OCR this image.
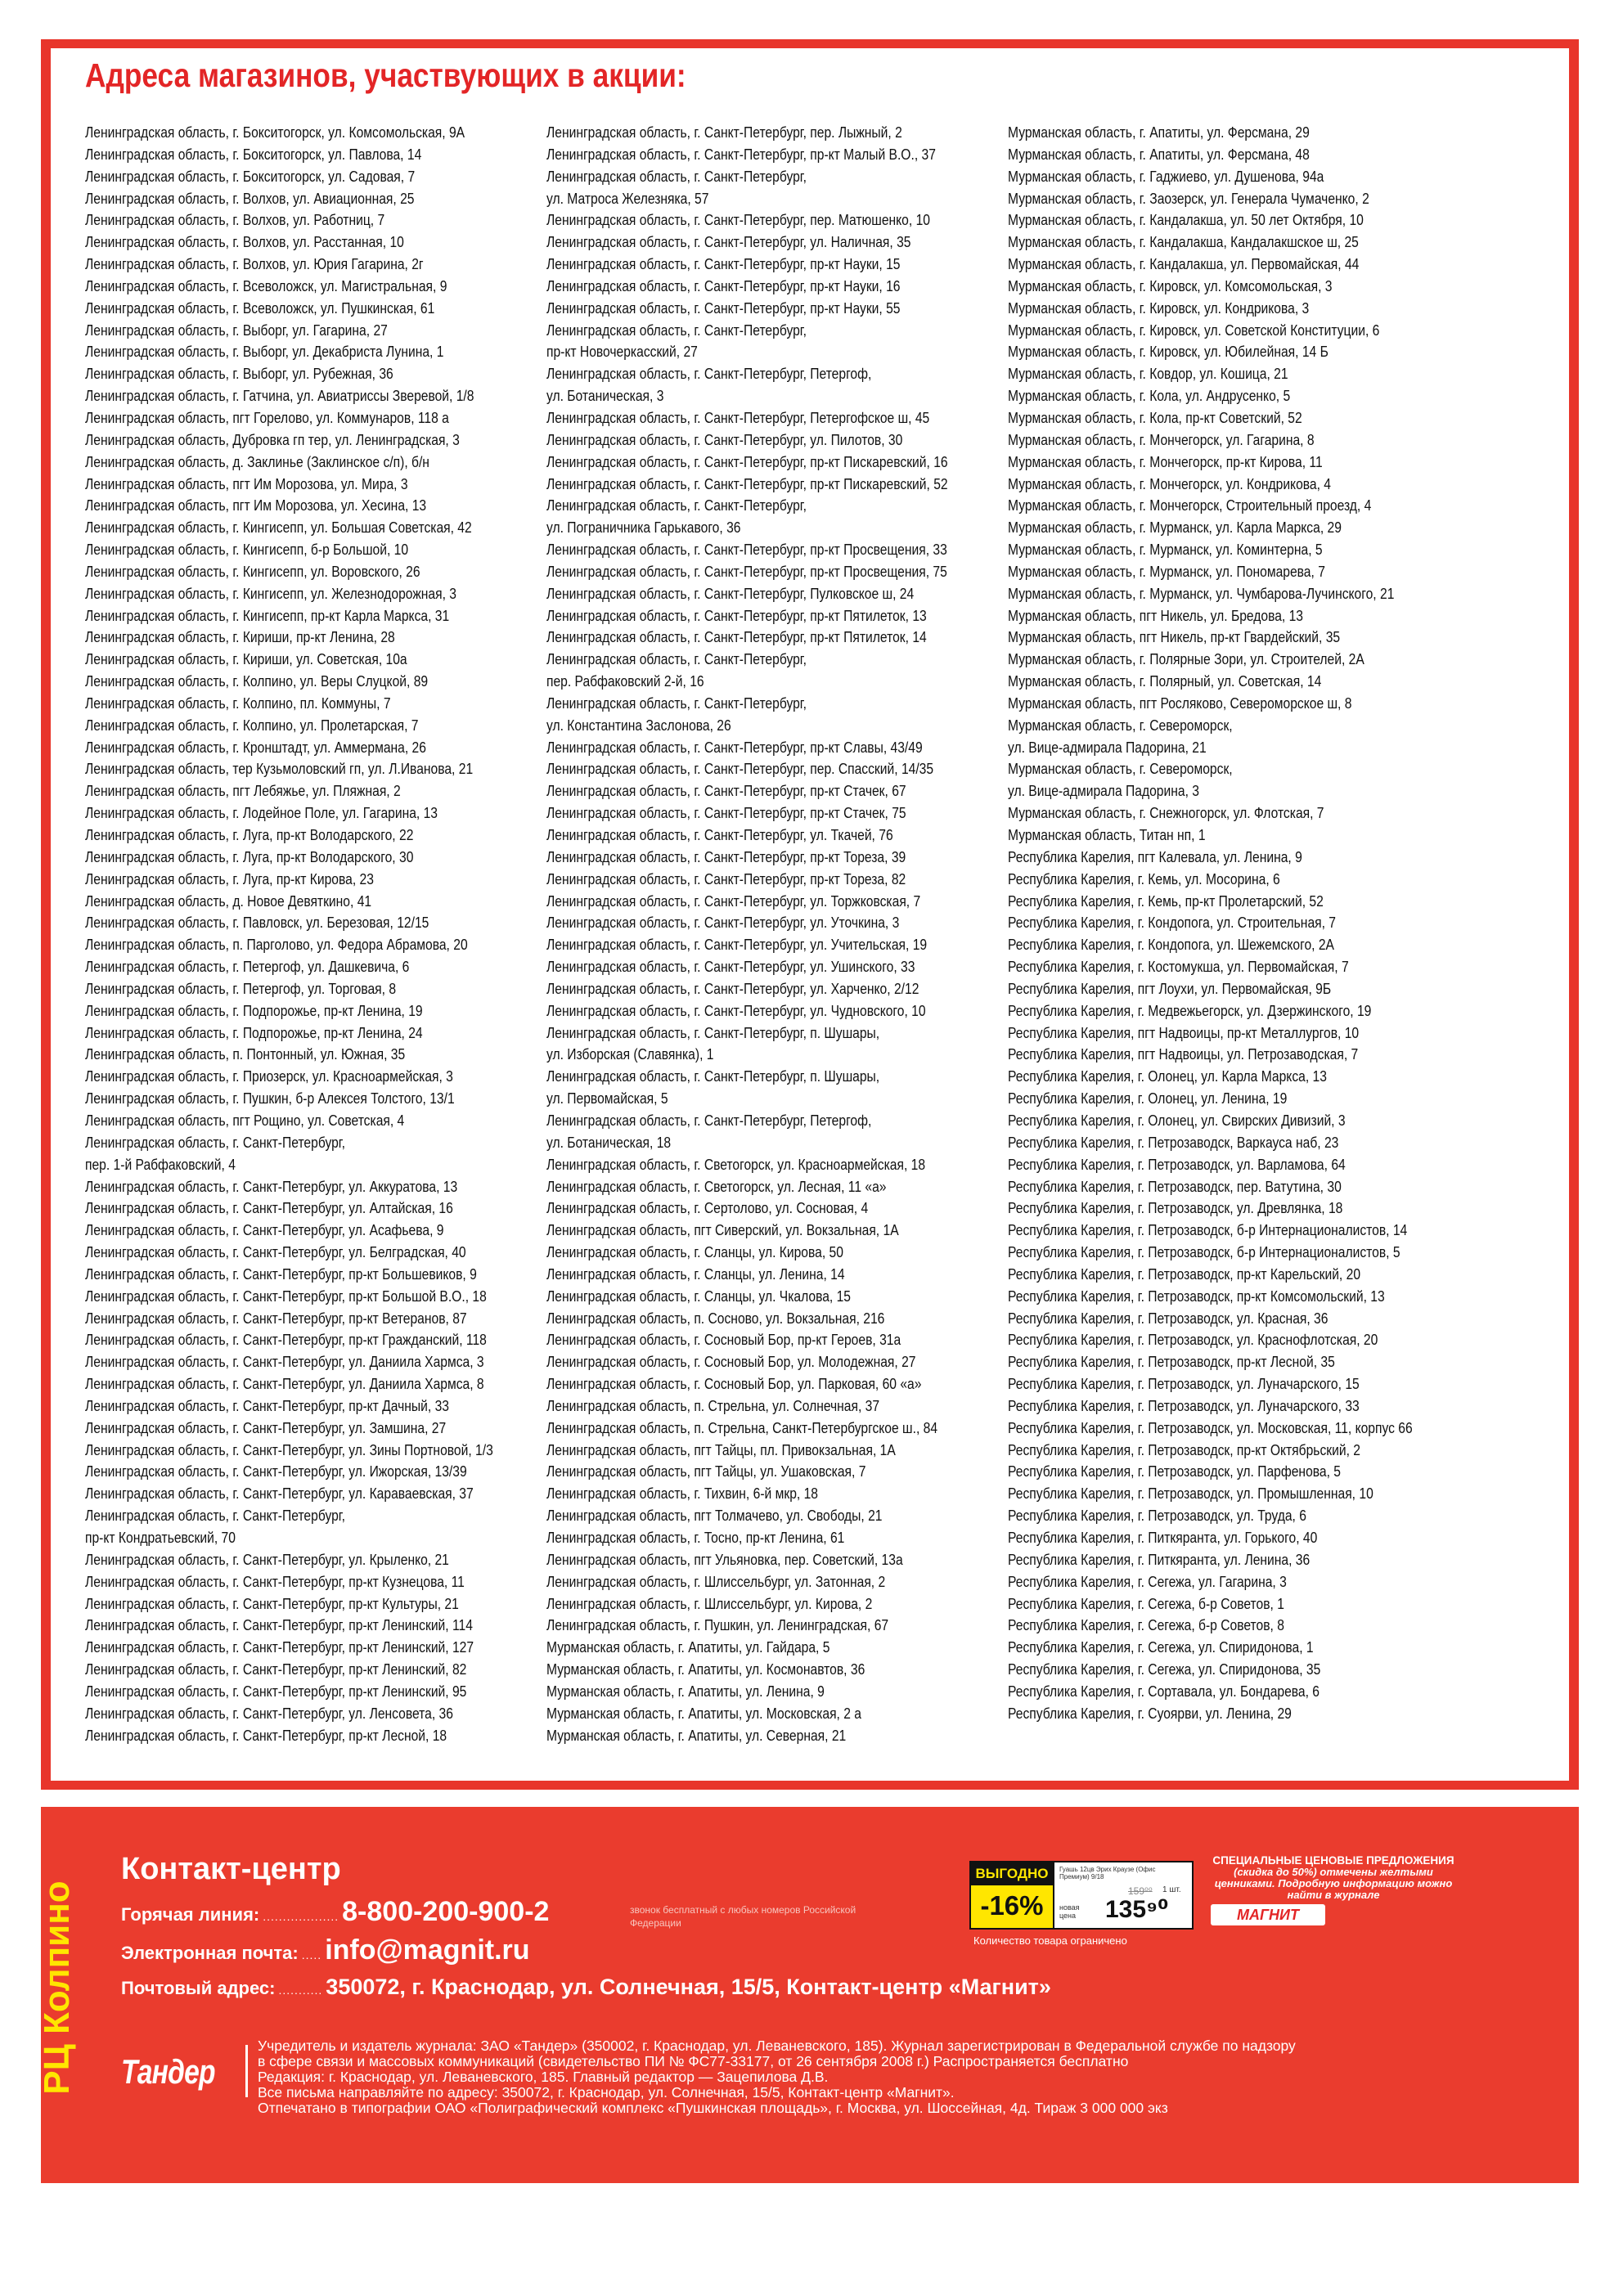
Адреса магазинов, участвующих в акции:
Ленинградская область, г. Бокситогорск, ул. Комсомольская, 9А
Ленинградская область, г. Бокситогорск, ул. Павлова, 14
Ленинградская область, г. Бокситогорск, ул. Садовая, 7
Ленинградская область, г. Волхов, ул. Авиационная, 25
Ленинградская область, г. Волхов, ул. Работниц, 7
Ленинградская область, г. Волхов, ул. Расстанная, 10
Ленинградская область, г. Волхов, ул. Юрия Гагарина, 2г
Ленинградская область, г. Всеволожск, ул. Магистральная, 9
Ленинградская область, г. Всеволожск, ул. Пушкинская, 61
Ленинградская область, г. Выборг, ул. Гагарина, 27
Ленинградская область, г. Выборг, ул. Декабриста Лунина, 1
Ленинградская область, г. Выборг, ул. Рубежная, 36
Ленинградская область, г. Гатчина, ул. Авиатриссы Зверевой, 1/8
Ленинградская область, пгт Горелово, ул. Коммунаров, 118 а
Ленинградская область, Дубровка гп тер, ул. Ленинградская, 3
Ленинградская область, д. Заклинье (Заклинское с/п), б/н
Ленинградская область, пгт Им Морозова, ул. Мира, 3
Ленинградская область, пгт Им Морозова, ул. Хесина, 13
Ленинградская область, г. Кингисепп, ул. Большая Советская, 42
Ленинградская область, г. Кингисепп, б-р Большой, 10
Ленинградская область, г. Кингисепп, ул. Воровского, 26
Ленинградская область, г. Кингисепп, ул. Железнодорожная, 3
Ленинградская область, г. Кингисепп, пр-кт Карла Маркса, 31
Ленинградская область, г. Кириши, пр-кт Ленина, 28
Ленинградская область, г. Кириши, ул. Советская, 10а
Ленинградская область, г. Колпино, ул. Веры Слуцкой, 89
Ленинградская область, г. Колпино, пл. Коммуны, 7
Ленинградская область, г. Колпино, ул. Пролетарская, 7
Ленинградская область, г. Кронштадт, ул. Аммермана, 26
Ленинградская область, тер Кузьмоловский гп, ул. Л.Иванова, 21
Ленинградская область, пгт Лебяжье, ул. Пляжная, 2
Ленинградская область, г. Лодейное Поле, ул. Гагарина, 13
Ленинградская область, г. Луга, пр-кт Володарского, 22
Ленинградская область, г. Луга, пр-кт Володарского, 30
Ленинградская область, г. Луга, пр-кт Кирова, 23
Ленинградская область, д. Новое Девяткино, 41
Ленинградская область, г. Павловск, ул. Березовая, 12/15
Ленинградская область, п. Парголово, ул. Федора Абрамова, 20
Ленинградская область, г. Петергоф, ул. Дашкевича, 6
Ленинградская область, г. Петергоф, ул. Торговая, 8
Ленинградская область, г. Подпорожье, пр-кт Ленина, 19
Ленинградская область, г. Подпорожье, пр-кт Ленина, 24
Ленинградская область, п. Понтонный, ул. Южная, 35
Ленинградская область, г. Приозерск, ул. Красноармейская, 3
Ленинградская область, г. Пушкин, б-р Алексея Толстого, 13/1
Ленинградская область, пгт Рощино, ул. Советская, 4
Ленинградская область, г. Санкт-Петербург,
пер. 1-й Рабфаковский, 4
Ленинградская область, г. Санкт-Петербург, ул. Аккуратова, 13
Ленинградская область, г. Санкт-Петербург, ул. Алтайская, 16
Ленинградская область, г. Санкт-Петербург, ул. Асафьева, 9
Ленинградская область, г. Санкт-Петербург, ул. Белградская, 40
Ленинградская область, г. Санкт-Петербург, пр-кт Большевиков, 9
Ленинградская область, г. Санкт-Петербург, пр-кт Большой В.О., 18
Ленинградская область, г. Санкт-Петербург, пр-кт Ветеранов, 87
Ленинградская область, г. Санкт-Петербург, пр-кт Гражданский, 118
Ленинградская область, г. Санкт-Петербург, ул. Даниила Хармса, 3
Ленинградская область, г. Санкт-Петербург, ул. Даниила Хармса, 8
Ленинградская область, г. Санкт-Петербург, пр-кт Дачный, 33
Ленинградская область, г. Санкт-Петербург, ул. Замшина, 27
Ленинградская область, г. Санкт-Петербург, ул. Зины Портновой, 1/3
Ленинградская область, г. Санкт-Петербург, ул. Ижорская, 13/39
Ленинградская область, г. Санкт-Петербург, ул. Караваевская, 37
Ленинградская область, г. Санкт-Петербург,
пр-кт Кондратьевский, 70
Ленинградская область, г. Санкт-Петербург, ул. Крыленко, 21
Ленинградская область, г. Санкт-Петербург, пр-кт Кузнецова, 11
Ленинградская область, г. Санкт-Петербург, пр-кт Культуры, 21
Ленинградская область, г. Санкт-Петербург, пр-кт Ленинский, 114
Ленинградская область, г. Санкт-Петербург, пр-кт Ленинский, 127
Ленинградская область, г. Санкт-Петербург, пр-кт Ленинский, 82
Ленинградская область, г. Санкт-Петербург, пр-кт Ленинский, 95
Ленинградская область, г. Санкт-Петербург, ул. Ленсовета, 36
Ленинградская область, г. Санкт-Петербург, пр-кт Лесной, 18
Ленинградская область, г. Санкт-Петербург, пер. Лыжный, 2
Ленинградская область, г. Санкт-Петербург, пр-кт Малый В.О., 37
Ленинградская область, г. Санкт-Петербург,
ул. Матроса Железняка, 57
Ленинградская область, г. Санкт-Петербург, пер. Матюшенко, 10
Ленинградская область, г. Санкт-Петербург, ул. Наличная, 35
Ленинградская область, г. Санкт-Петербург, пр-кт Науки, 15
Ленинградская область, г. Санкт-Петербург, пр-кт Науки, 16
Ленинградская область, г. Санкт-Петербург, пр-кт Науки, 55
Ленинградская область, г. Санкт-Петербург,
пр-кт Новочеркасский, 27
Ленинградская область, г. Санкт-Петербург, Петергоф,
ул. Ботаническая, 3
Ленинградская область, г. Санкт-Петербург, Петергофское ш, 45
Ленинградская область, г. Санкт-Петербург, ул. Пилотов, 30
Ленинградская область, г. Санкт-Петербург, пр-кт Пискаревский, 16
Ленинградская область, г. Санкт-Петербург, пр-кт Пискаревский, 52
Ленинградская область, г. Санкт-Петербург,
ул. Пограничника Гарькавого, 36
Ленинградская область, г. Санкт-Петербург, пр-кт Просвещения, 33
Ленинградская область, г. Санкт-Петербург, пр-кт Просвещения, 75
Ленинградская область, г. Санкт-Петербург, Пулковское ш, 24
Ленинградская область, г. Санкт-Петербург, пр-кт Пятилеток, 13
Ленинградская область, г. Санкт-Петербург, пр-кт Пятилеток, 14
Ленинградская область, г. Санкт-Петербург,
пер. Рабфаковский 2-й, 16
Ленинградская область, г. Санкт-Петербург,
ул. Константина Заслонова, 26
Ленинградская область, г. Санкт-Петербург, пр-кт Славы, 43/49
Ленинградская область, г. Санкт-Петербург, пер. Спасский, 14/35
Ленинградская область, г. Санкт-Петербург, пр-кт Стачек, 67
Ленинградская область, г. Санкт-Петербург, пр-кт Стачек, 75
Ленинградская область, г. Санкт-Петербург, ул. Ткачей, 76
Ленинградская область, г. Санкт-Петербург, пр-кт Тореза, 39
Ленинградская область, г. Санкт-Петербург, пр-кт Тореза, 82
Ленинградская область, г. Санкт-Петербург, ул. Торжковская, 7
Ленинградская область, г. Санкт-Петербург, ул. Уточкина, 3
Ленинградская область, г. Санкт-Петербург, ул. Учительская, 19
Ленинградская область, г. Санкт-Петербург, ул. Ушинского, 33
Ленинградская область, г. Санкт-Петербург, ул. Харченко, 2/12
Ленинградская область, г. Санкт-Петербург, ул. Чудновского, 10
Ленинградская область, г. Санкт-Петербург, п. Шушары,
ул. Изборская (Славянка), 1
Ленинградская область, г. Санкт-Петербург, п. Шушары,
ул. Первомайская, 5
Ленинградская область, г. Санкт-Петербург, Петергоф,
ул. Ботаническая, 18
Ленинградская область, г. Светогорск, ул. Красноармейская, 18
Ленинградская область, г. Светогорск, ул. Лесная, 11 «а»
Ленинградская область, г. Сертолово, ул. Сосновая, 4
Ленинградская область, пгт Сиверский, ул. Вокзальная, 1А
Ленинградская область, г. Сланцы, ул. Кирова, 50
Ленинградская область, г. Сланцы, ул. Ленина, 14
Ленинградская область, г. Сланцы, ул. Чкалова, 15
Ленинградская область, п. Сосново, ул. Вокзальная, 216
Ленинградская область, г. Сосновый Бор, пр-кт Героев, 31а
Ленинградская область, г. Сосновый Бор, ул. Молодежная, 27
Ленинградская область, г. Сосновый Бор, ул. Парковая, 60 «а»
Ленинградская область, п. Стрельна, ул. Солнечная, 37
Ленинградская область, п. Стрельна, Санкт-Петербургское ш., 84
Ленинградская область, пгт Тайцы, пл. Привокзальная, 1А
Ленинградская область, пгт Тайцы, ул. Ушаковская, 7
Ленинградская область, г. Тихвин, 6-й мкр, 18
Ленинградская область, пгт Толмачево, ул. Свободы, 21
Ленинградская область, г. Тосно, пр-кт Ленина, 61
Ленинградская область, пгт Ульяновка, пер. Советский, 13а
Ленинградская область, г. Шлиссельбург, ул. Затонная, 2
Ленинградская область, г. Шлиссельбург, ул. Кирова, 2
Ленинградская область, г. Пушкин, ул. Ленинградская, 67
Мурманская область, г. Апатиты, ул. Гайдара, 5
Мурманская область, г. Апатиты, ул. Космонавтов, 36
Мурманская область, г. Апатиты, ул. Ленина, 9
Мурманская область, г. Апатиты, ул. Московская, 2 а
Мурманская область, г. Апатиты, ул. Северная, 21
Мурманская область, г. Апатиты, ул. Ферсмана, 29
Мурманская область, г. Апатиты, ул. Ферсмана, 48
Мурманская область, г. Гаджиево, ул. Душенова, 94а
Мурманская область, г. Заозерск, ул. Генерала Чумаченко, 2
Мурманская область, г. Кандалакша, ул. 50 лет Октября, 10
Мурманская область, г. Кандалакша, Кандалакшское ш, 25
Мурманская область, г. Кандалакша, ул. Первомайская, 44
Мурманская область, г. Кировск, ул. Комсомольская, 3
Мурманская область, г. Кировск, ул. Кондрикова, 3
Мурманская область, г. Кировск, ул. Советской Конституции, 6
Мурманская область, г. Кировск, ул. Юбилейная, 14 Б
Мурманская область, г. Ковдор, ул. Кошица, 21
Мурманская область, г. Кола, ул. Андрусенко, 5
Мурманская область, г. Кола, пр-кт Советский, 52
Мурманская область, г. Мончегорск, ул. Гагарина, 8
Мурманская область, г. Мончегорск, пр-кт Кирова, 11
Мурманская область, г. Мончегорск, ул. Кондрикова, 4
Мурманская область, г. Мончегорск, Строительный проезд, 4
Мурманская область, г. Мурманск, ул. Карла Маркса, 29
Мурманская область, г. Мурманск, ул. Коминтерна, 5
Мурманская область, г. Мурманск, ул. Пономарева, 7
Мурманская область, г. Мурманск, ул. Чумбарова-Лучинского, 21
Мурманская область, пгт Никель, ул. Бредова, 13
Мурманская область, пгт Никель, пр-кт Гвардейский, 35
Мурманская область, г. Полярные Зори, ул. Строителей, 2А
Мурманская область, г. Полярный, ул. Советская, 14
Мурманская область, пгт Росляково, Североморское ш, 8
Мурманская область, г. Североморск,
ул. Вице-адмирала Падорина, 21
Мурманская область, г. Североморск,
ул. Вице-адмирала Падорина, 3
Мурманская область, г. Снежногорск, ул. Флотская, 7
Мурманская область, Титан нп, 1
Республика Карелия, пгт Калевала, ул. Ленина, 9
Республика Карелия, г. Кемь, ул. Мосорина, 6
Республика Карелия, г. Кемь, пр-кт Пролетарский, 52
Республика Карелия, г. Кондопога, ул. Строительная, 7
Республика Карелия, г. Кондопога, ул. Шежемского, 2А
Республика Карелия, г. Костомукша, ул. Первомайская, 7
Республика Карелия, пгт Лоухи, ул. Первомайская, 9Б
Республика Карелия, г. Медвежьегорск, ул. Дзержинского, 19
Республика Карелия, пгт Надвоицы, пр-кт Металлургов, 10
Республика Карелия, пгт Надвоицы, ул. Петрозаводская, 7
Республика Карелия, г. Олонец, ул. Карла Маркса, 13
Республика Карелия, г. Олонец, ул. Ленина, 19
Республика Карелия, г. Олонец, ул. Свирских Дивизий, 3
Республика Карелия, г. Петрозаводск, Варкауса наб, 23
Республика Карелия, г. Петрозаводск, ул. Варламова, 64
Республика Карелия, г. Петрозаводск, пер. Ватутина, 30
Республика Карелия, г. Петрозаводск, ул. Древлянка, 18
Республика Карелия, г. Петрозаводск, б-р Интернационалистов, 14
Республика Карелия, г. Петрозаводск, б-р Интернационалистов, 5
Республика Карелия, г. Петрозаводск, пр-кт Карельский, 20
Республика Карелия, г. Петрозаводск, пр-кт Комсомольский, 13
Республика Карелия, г. Петрозаводск, ул. Красная, 36
Республика Карелия, г. Петрозаводск, ул. Краснофлотская, 20
Республика Карелия, г. Петрозаводск, пр-кт Лесной, 35
Республика Карелия, г. Петрозаводск, ул. Луначарского, 15
Республика Карелия, г. Петрозаводск, ул. Луначарского, 33
Республика Карелия, г. Петрозаводск, ул. Московская, 11, корпус 66
Республика Карелия, г. Петрозаводск, пр-кт Октябрьский, 2
Республика Карелия, г. Петрозаводск, ул. Парфенова, 5
Республика Карелия, г. Петрозаводск, ул. Промышленная, 10
Республика Карелия, г. Петрозаводск, ул. Труда, 6
Республика Карелия, г. Питкяранта, ул. Горького, 40
Республика Карелия, г. Питкяранта, ул. Ленина, 36
Республика Карелия, г. Сегежа, ул. Гагарина, 3
Республика Карелия, г. Сегежа, б-р Советов, 1
Республика Карелия, г. Сегежа, б-р Советов, 8
Республика Карелия, г. Сегежа, ул. Спиридонова, 1
Республика Карелия, г. Сегежа, ул. Спиридонова, 35
Республика Карелия, г. Сортавала, ул. Бондарева, 6
Республика Карелия, г. Суоярви, ул. Ленина, 29
РЦ Колпино
Контакт-центр
Горячая линия: ................... 8-800-200-900-2	звонок бесплатный с любых номеров Российской Федерации
Электронная почта: ..... info@magnit.ru
Почтовый адрес: ........... 350072, г. Краснодар, ул. Солнечная, 15/5, Контакт-центр «Магнит»
ВЫГОДНО
-16%
Гуашь 12цв Эрих Краузе (Офис Премиум) 9/18
159⁰⁰ 1 шт.
новая цена	135⁹⁰
Количество товара ограничено
СПЕЦИАЛЬНЫЕ ЦЕНОВЫЕ ПРЕДЛОЖЕНИЯ
(скидка до 50%) отмечены желтыми ценниками. Подробную информацию можно найти в журнале
МАГНИТ
Тандер
Учредитель и издатель журнала: ЗАО «Тандер» (350002, г. Краснодар, ул. Леваневского, 185). Журнал зарегистрирован в Федеральной службе по надзору
в сфере связи и массовых коммуникаций (свидетельство ПИ № ФС77-33177, от 26 сентября 2008 г.) Распространяется бесплатно
Редакция: г. Краснодар, ул. Леваневского, 185. Главный редактор — Зацепилова Д.В.
Все письма направляйте по адресу: 350072, г. Краснодар, ул. Солнечная, 15/5, Контакт-центр «Магнит».
Отпечатано в типографии ОАО «Полиграфический комплекс «Пушкинская площадь», г. Москва, ул. Шоссейная, 4д. Тираж 3 000 000 экз
